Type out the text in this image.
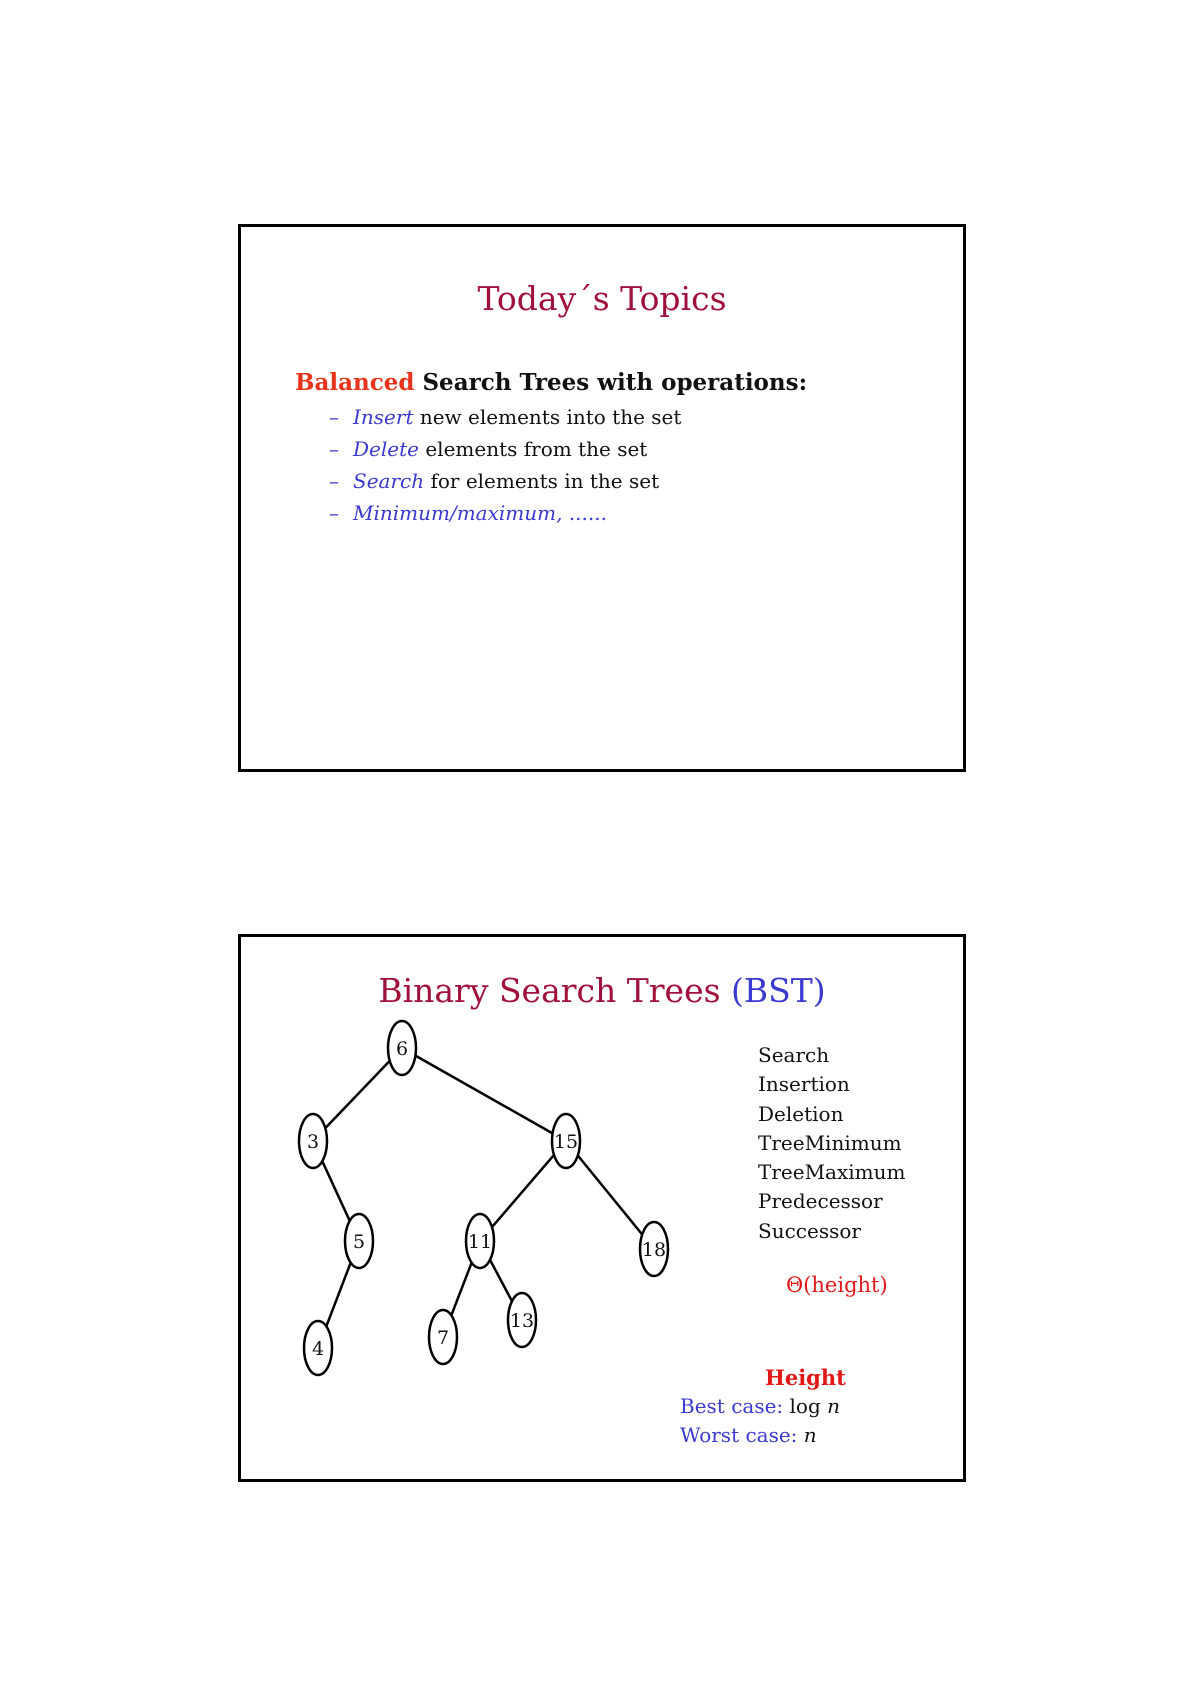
Today´s Topics
Balanced Search Trees with operations:
– Insert new elements into the set
– Delete elements from the set
– Search for elements in the set
– Minimum/maximum, ......
Binary Search Trees (BST)
6
3	15
5	11	18
4	7
13
Search
Insertion
Deletion
TreeMinimum
TreeMaximum
Predecessor
Successor
Θ(height)
Height
Best case: log n
Worst case: n
